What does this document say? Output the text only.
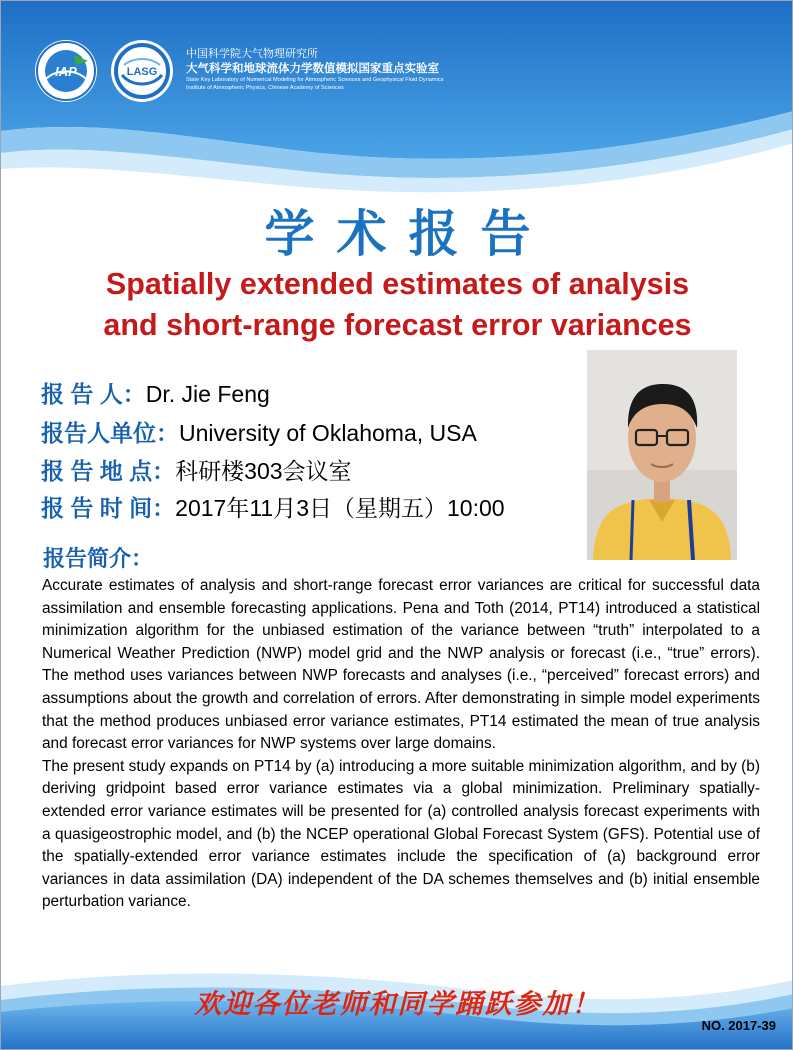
IAP	LASG
中国科学院大气物理研究所
大气科学和地球流体力学数值模拟国家重点实验室
State Key Laboratory of Numerical Modeling for Atmospheric Sciences and Geophysical Fluid Dynamics
Institute of Atmospheric Physics, Chinese Academy of Sciences
学术报告
Spatially extended estimates of analysis
and short-range forecast error variances
报 告 人：Dr. Jie Feng
报告人单位：University of Oklahoma, USA
报 告 地 点：科研楼303会议室
报 告 时 间：2017年11月3日（星期五）10:00
报告简介：

Accurate estimates of analysis and short-range forecast error variances are critical for successful data assimilation and ensemble forecasting applications. Pena and Toth (2014, PT14) introduced a statistical minimization algorithm for the unbiased estimation of the variance between “truth” interpolated to a Numerical Weather Prediction (NWP) model grid and the NWP analysis or forecast (i.e., “true” errors). The method uses variances between NWP forecasts and analyses (i.e., “perceived” forecast errors) and assumptions about the growth and correlation of errors. After demonstrating in simple model experiments that the method produces unbiased error variance estimates, PT14 estimated the mean of true analysis and forecast error variances for NWP systems over large domains.

The present study expands on PT14 by (a) introducing a more suitable minimization algorithm, and by (b) deriving gridpoint based error variance estimates via a global minimization. Preliminary spatially-extended error variance estimates will be presented for (a) controlled analysis forecast experiments with a quasigeostrophic model, and (b) the NCEP operational Global Forecast System (GFS). Potential use of the spatially-extended error variance estimates include the specification of (a) background error variances in data assimilation (DA) independent of the DA schemes themselves and (b) initial ensemble perturbation variance.

欢迎各位老师和同学踊跃参加！
NO. 2017-39
